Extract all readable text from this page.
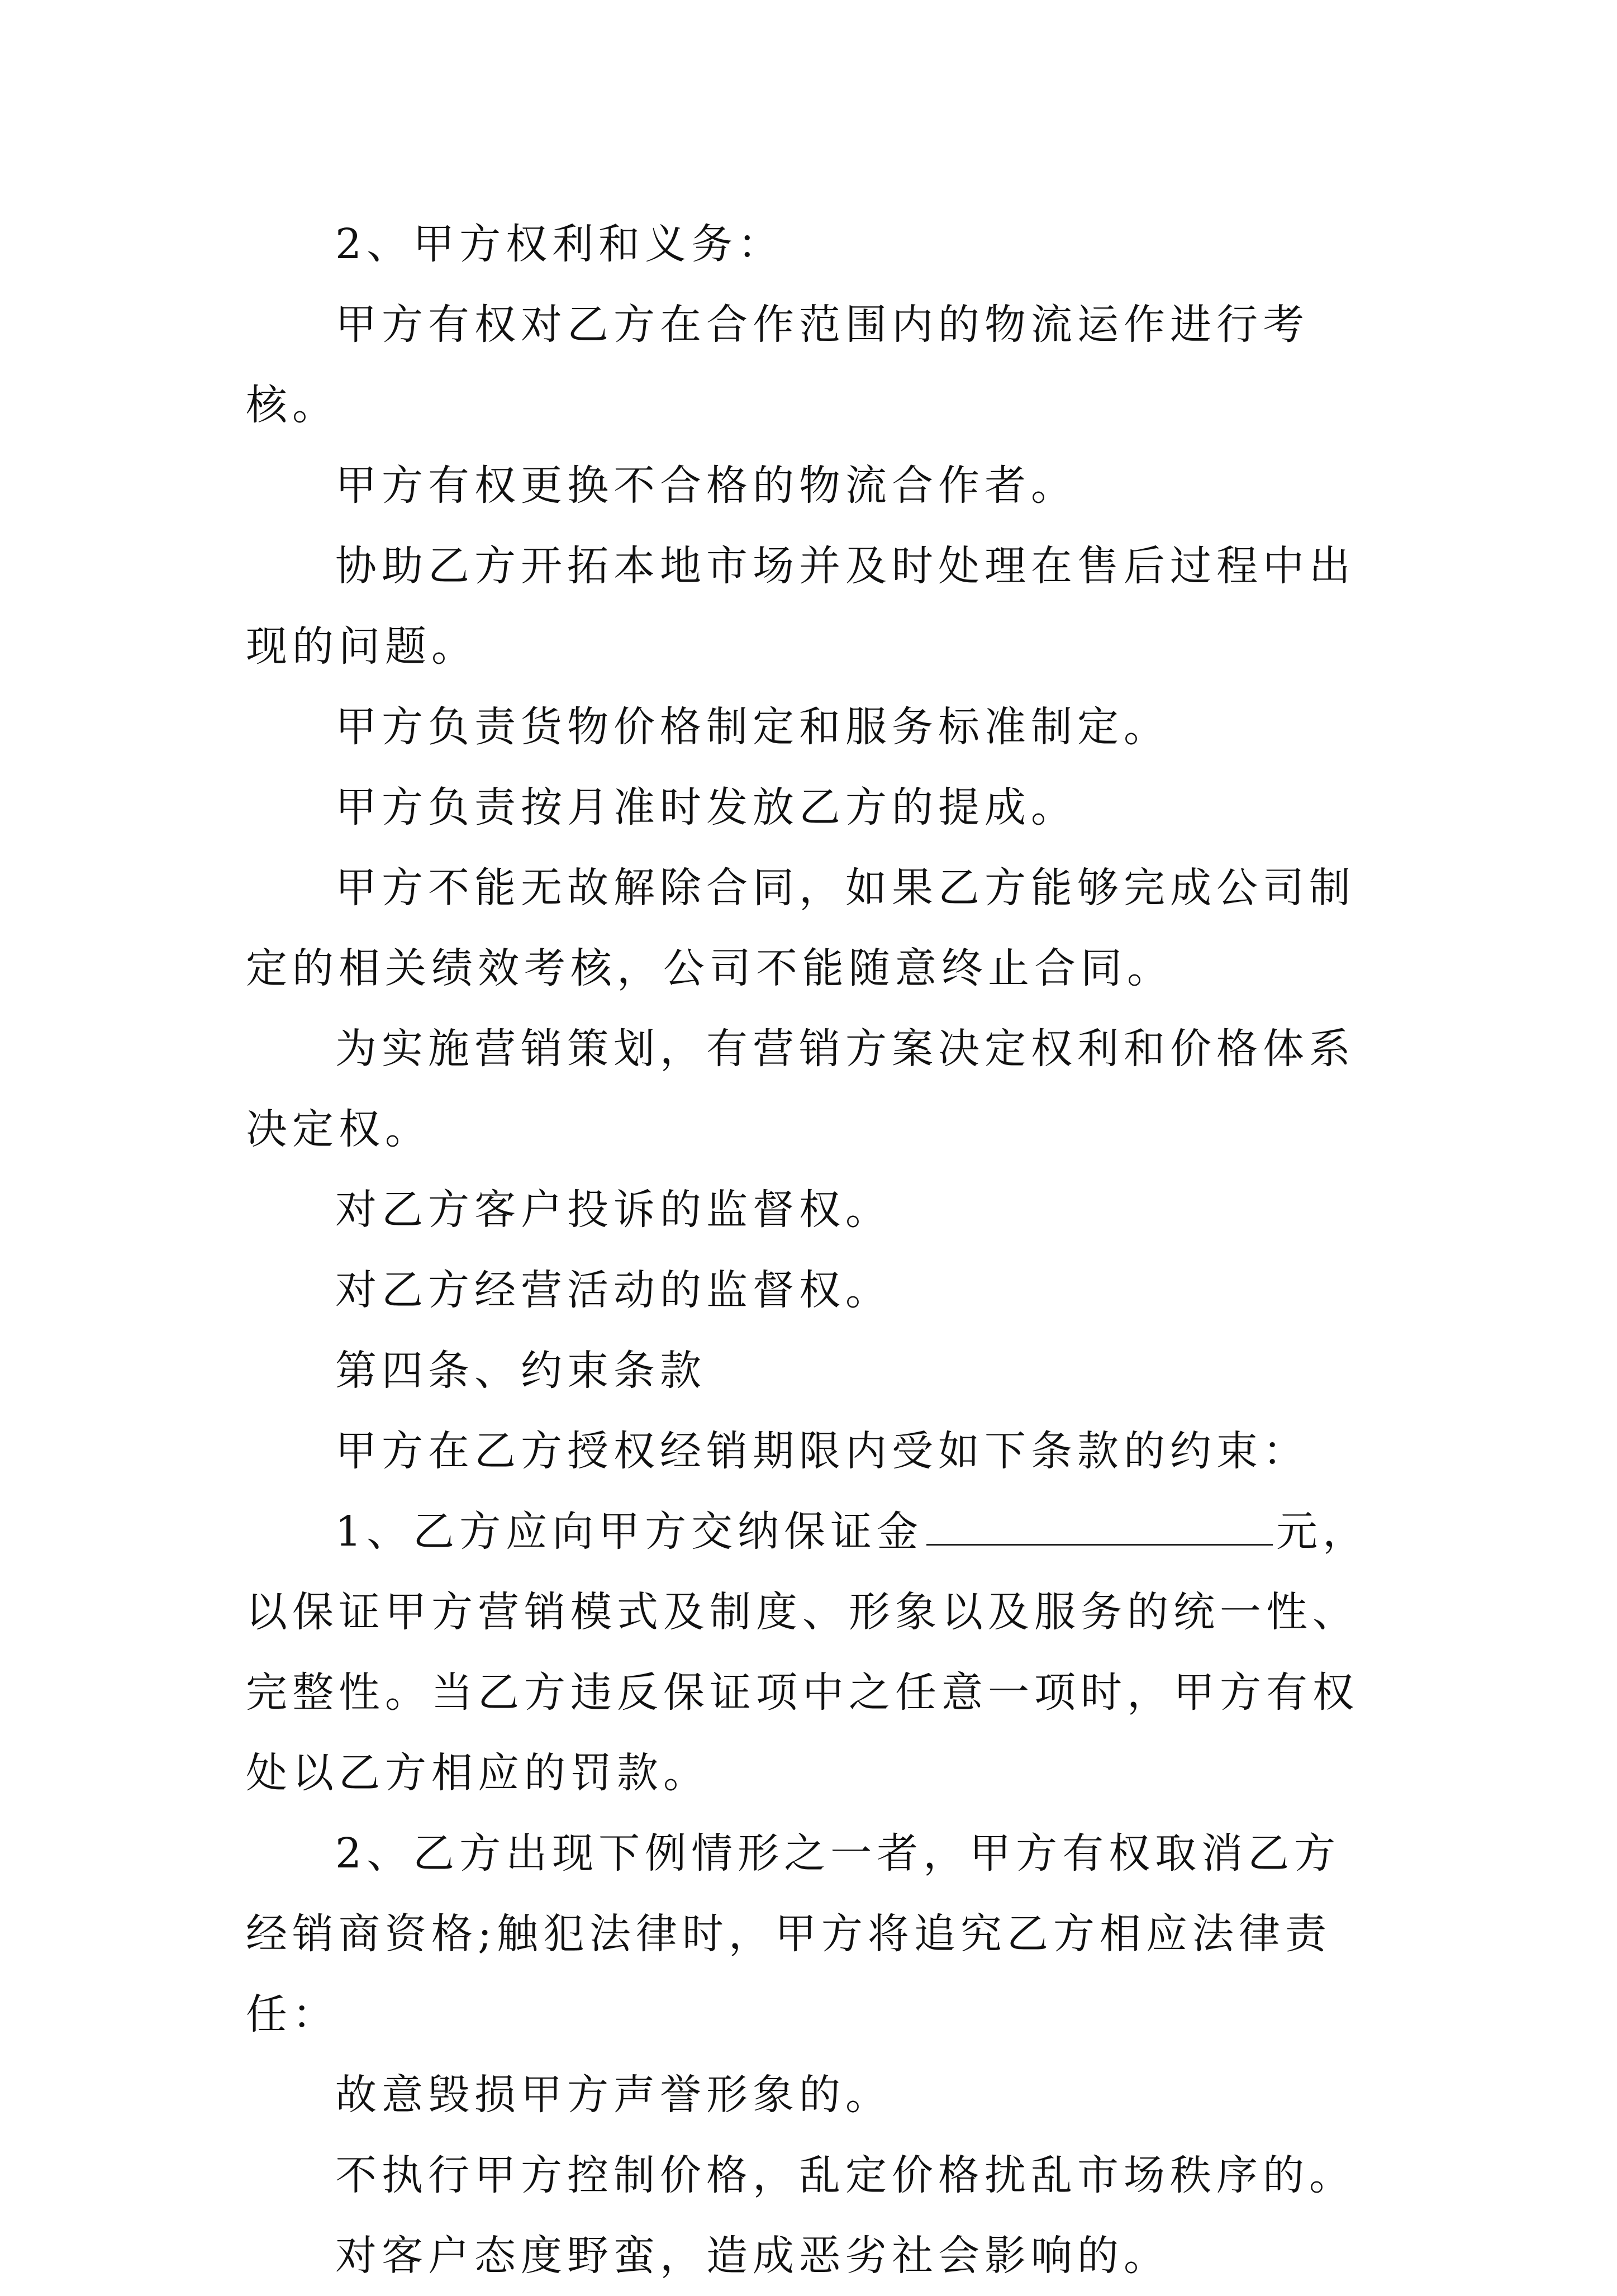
2、甲方权利和义务：

甲方有权对乙方在合作范围内的物流运作进行考核。

甲方有权更换不合格的物流合作者。

协助乙方开拓本地市场并及时处理在售后过程中出现的问题。

甲方负责货物价格制定和服务标准制定。

甲方负责按月准时发放乙方的提成。

甲方不能无故解除合同，如果乙方能够完成公司制定的相关绩效考核，公司不能随意终止合同。

为实施营销策划，有营销方案决定权利和价格体系决定权。

对乙方客户投诉的监督权。

对乙方经营活动的监督权。

第四条、约束条款

甲方在乙方授权经销期限内受如下条款的约束：

1、乙方应向甲方交纳保证金	元，以保证甲方营销模式及制度、形象以及服务的统一性、完整性。当乙方违反保证项中之任意一项时，甲方有权处以乙方相应的罚款。

2、乙方出现下例情形之一者，甲方有权取消乙方经销商资格;触犯法律时，甲方将追究乙方相应法律责任：

故意毁损甲方声誉形象的。

不执行甲方控制价格，乱定价格扰乱市场秩序的。

对客户态度野蛮，造成恶劣社会影响的。
